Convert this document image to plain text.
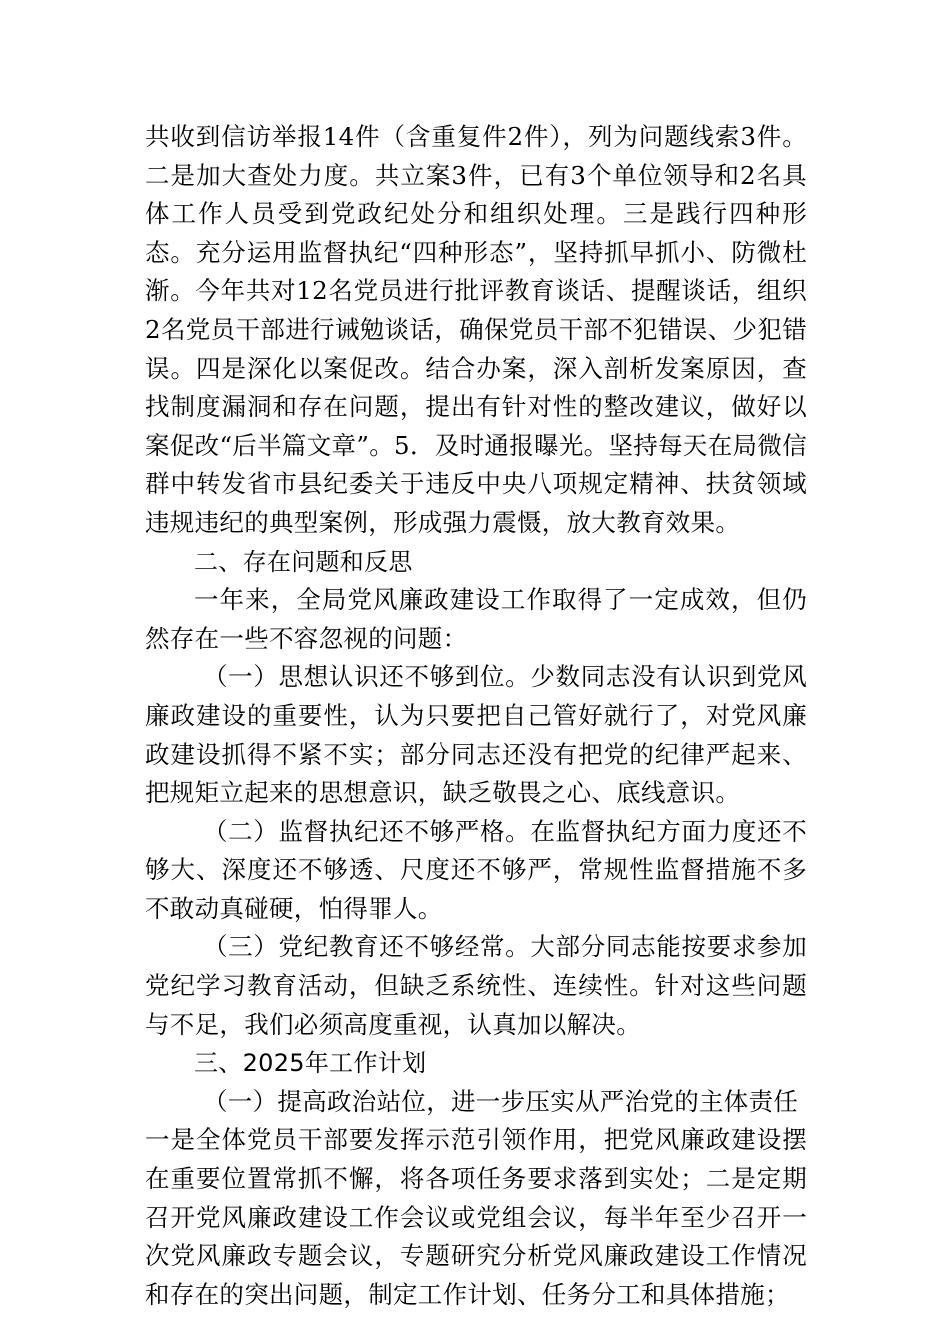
共收到信访举报14件（含重复件2件），列为问题线索3件。二是加大查处力度。共立案3件，已有3个单位领导和2名具体工作人员受到党政纪处分和组织处理。三是践行四种形态。充分运用监督执纪“四种形态”，坚持抓早抓小、防微杜渐。今年共对12名党员进行批评教育谈话、提醒谈话，组织2名党员干部进行诫勉谈话，确保党员干部不犯错误、少犯错误。四是深化以案促改。结合办案，深入剖析发案原因，查找制度漏洞和存在问题，提出有针对性的整改建议，做好以案促改“后半篇文章”。5．及时通报曝光。坚持每天在局微信群中转发省市县纪委关于违反中央八项规定精神、扶贫领域违规违纪的典型案例，形成强力震慑，放大教育效果。

二、存在问题和反思

一年来，全局党风廉政建设工作取得了一定成效，但仍然存在一些不容忽视的问题：

（一）思想认识还不够到位。少数同志没有认识到党风廉政建设的重要性，认为只要把自己管好就行了，对党风廉政建设抓得不紧不实；部分同志还没有把党的纪律严起来、把规矩立起来的思想意识，缺乏敬畏之心、底线意识。

（二）监督执纪还不够严格。在监督执纪方面力度还不够大、深度还不够透、尺度还不够严，常规性监督措施不多不敢动真碰硬，怕得罪人。

（三）党纪教育还不够经常。大部分同志能按要求参加党纪学习教育活动，但缺乏系统性、连续性。针对这些问题与不足，我们必须高度重视，认真加以解决。

三、2025年工作计划

（一）提高政治站位，进一步压实从严治党的主体责任

一是全体党员干部要发挥示范引领作用，把党风廉政建设摆在重要位置常抓不懈，将各项任务要求落到实处；二是定期召开党风廉政建设工作会议或党组会议，每半年至少召开一次党风廉政专题会议，专题研究分析党风廉政建设工作情况和存在的突出问题，制定工作计划、任务分工和具体措施；
